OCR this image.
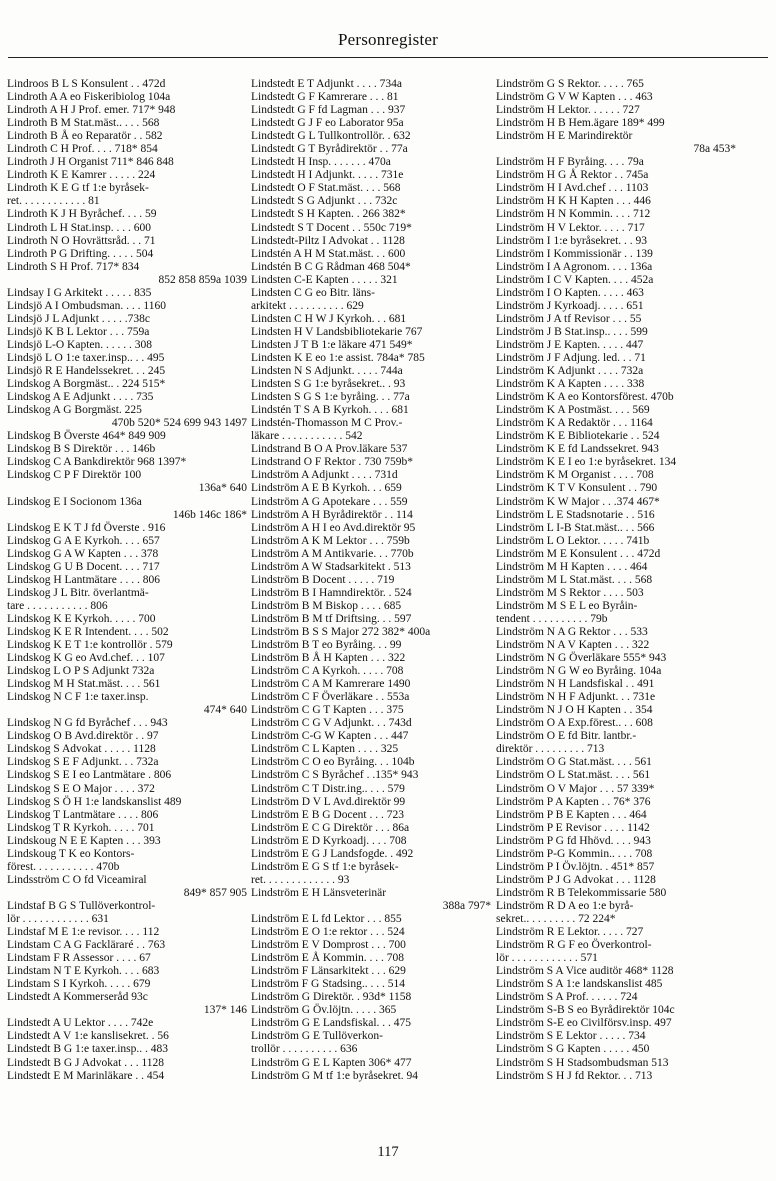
Personregister
Lindroos B L S Konsulent . . 472d
Lindroth A A eo Fiskeribiolog 104a
Lindroth A H J Prof. emer. 717* 948
Lindroth B M Stat.mäst.. . . . 568
Lindroth B Å eo Reparatör . . 582
Lindroth C H Prof. . . . 718* 854
Lindroth J H Organist 711* 846 848
Lindroth K E Kamrer . . . . . 224
Lindroth K E G tf 1:e byråsek-
ret. . . . . . . . . . . . 81
Lindroth K J H Byråchef. . . . 59
Lindroth L H Stat.insp. . . . 600
Lindroth N O Hovrättsråd. . . 71
Lindroth P G Drifting. . . . . 504
Lindroth S H Prof. 717* 834
852 858 859a 1039
Lindsay I G Arkitekt . . . . . 835
Lindsjö A I Ombudsman. . . . 1160
Lindsjö J L Adjunkt . . . . .738c
Lindsjö K B L Lektor . . . 759a
Lindsjö L-O Kapten. . . . . . 308
Lindsjö L O 1:e taxer.insp.. . . 495
Lindsjö R E Handelssekret. . . 245
Lindskog A Borgmäst.. . 224 515*
Lindskog A E Adjunkt . . . . 735
Lindskog A G Borgmäst. 225
470b 520* 524 699 943 1497
Lindskog B Överste 464* 849 909
Lindskog B S Direktör . . . 146b
Lindskog C A Bankdirektör 968 1397*
Lindskog C P F Direktör 100
136a* 640
Lindskog E I Socionom 136a
146b 146c 186*
Lindskog E K T J fd Överste . 916
Lindskog G A E Kyrkoh. . . . 657
Lindskog G A W Kapten . . . 378
Lindskog G U B Docent. . . . 717
Lindskog H Lantmätare . . . . 806
Lindskog J L Bitr. överlantmä-
tare . . . . . . . . . . . 806
Lindskog K E Kyrkoh. . . . . 700
Lindskog K E R Intendent. . . . 502
Lindskog K E T 1:e kontrollör . 579
Lindskog K G eo Avd.chef. . . 107
Lindskog L O P S Adjunkt 732a
Lindskog M H Stat.mäst. . . . 561
Lindskog N C F 1:e taxer.insp.
474* 640
Lindskog N G fd Byråchef . . . 943
Lindskog O B Avd.direktör . . 97
Lindskog S Advokat . . . . . 1128
Lindskog S E F Adjunkt. . . 732a
Lindskog S E I eo Lantmätare . 806
Lindskog S E O Major . . . . 372
Lindskog S Ö H 1:e landskanslist 489
Lindskog T Lantmätare . . . . 806
Lindskog T R Kyrkoh. . . . . 701
Lindskoug N E E Kapten . . . 393
Lindskoug T K eo Kontors-
förest. . . . . . . . . . . 470b
Lindsström C O fd Viceamiral
849* 857 905
Lindstaf B G S Tullöverkontrol-
lör . . . . . . . . . . . . 631
Lindstaf M E 1:e revisor. . . . 112
Lindstam C A G Fackläraré . . 763
Lindstam F R Assessor . . . . 67
Lindstam N T E Kyrkoh. . . . 683
Lindstam S I Kyrkoh. . . . . 679
Lindstedt A Kommerseråd 93c
137* 146
Lindstedt A U Lektor . . . . 742e
Lindstedt A V 1:e kanslisekret. . 56
Lindstedt B G 1:e taxer.insp.. . 483
Lindstedt B G J Advokat . . . 1128
Lindstedt E M Marinläkare . . 454
Lindstedt E T Adjunkt . . . . 734a
Lindstedt G F Kamrerare . . . 81
Lindstedt G F fd Lagman . . . 937
Lindstedt G J F eo Laborator 95a
Lindstedt G L Tullkontrollör. . 632
Lindstedt G T Byrådirektör . . 77a
Lindstedt H Insp. . . . . . . 470a
Lindstedt H I Adjunkt. . . . . 731e
Lindstedt O F Stat.mäst. . . . 568
Lindstedt S G Adjunkt . . . 732c
Lindstedt S H Kapten. . 266 382*
Lindstedt S T Docent . . 550c 719*
Lindstedt-Piltz I Advokat . . 1128
Lindstén A H M Stat.mäst. . . 600
Lindstén B C G Rådman 468 504*
Lindsten C-E Kapten . . . . . 321
Lindsten C G eo Bitr. läns-
arkitekt . . . . . . . . . . 629
Lindsten C H W J Kyrkoh. . . 681
Lindsten H V Landsbibliotekarie 767
Lindsten J T B 1:e läkare 471 549*
Lindsten K E eo 1:e assist. 784a* 785
Lindsten N S Adjunkt. . . . . 744a
Lindsten S G 1:e byråsekret.. . 93
Lindsten S G S 1:e byråing. . . 77a
Lindstén T S A B Kyrkoh. . . . 681
Lindstén-Thomasson M C Prov.-
läkare . . . . . . . . . . . 542
Lindstrand B O A Prov.läkare 537
Lindstrand O F Rektor . 730 759b*
Lindström A Adjunkt . . . . 731d
Lindström A E B Kyrkoh. . . 659
Lindström A G Apotekare . . . 559
Lindström A H Byrådirektör . . 114
Lindström A H I eo Avd.direktör 95
Lindström A K M Lektor . . . 759b
Lindström A M Antikvarie. . . 770b
Lindström A W Stadsarkitekt . 513
Lindström B Docent . . . . . 719
Lindström B I Hamndirektör. . 524
Lindström B M Biskop . . . . 685
Lindström B M tf Driftsing. . . 597
Lindström B S S Major 272 382* 400a
Lindström B T eo Byråing. . . 99
Lindström B Å H Kapten . . . 322
Lindström C A Kyrkoh. . . . . 708
Lindström C A M Kamrerare 1490
Lindström C F Överläkare . . 553a
Lindström C G T Kapten . . . 375
Lindström C G V Adjunkt. . . 743d
Lindström C-G W Kapten . . . 447
Lindström C L Kapten . . . . 325
Lindström C O eo Byråing. . . 104b
Lindström C S Byråchef . .135* 943
Lindström C T Distr.ing.. . . . 579
Lindström D V L Avd.direktör 99
Lindström E B G Docent . . . 723
Lindström E C G Direktör . . . 86a
Lindström E D Kyrkoadj. . . . 708
Lindström E G J Landsfogde. . 492
Lindström E G S tf 1:e byråsek-
ret. . . . . . . . . . . . . 93
Lindström E H Länsveterinär
388a 797*
Lindström E L fd Lektor . . . 855
Lindström E O 1:e rektor . . . 524
Lindström E V Domprost . . . 700
Lindström E Å Kommin. . . . 708
Lindström F Länsarkitekt . . . 629
Lindström F G Stadsing.. . . . 514
Lindström G Direktör. . 93d* 1158
Lindström G Öv.löjtn. . . . . 365
Lindström G E Landsfiskal. . . 475
Lindström G E Tullöverkon-
trollör . . . . . . . . . . 636
Lindström G E L Kapten 306* 477
Lindström G M tf 1:e byråsekret. 94
Lindström G S Rektor. . . . . 765
Lindström G V W Kapten . . . 463
Lindström H Lektor. . . . . . 727
Lindström H B Hem.ägare 189* 499
Lindström H E Marindirektör
78a 453*
Lindström H F Byråing. . . . 79a
Lindström H G Å Rektor . . 745a
Lindström H I Avd.chef . . . 1103
Lindström H K H Kapten . . . 446
Lindström H N Kommin. . . . 712
Lindström H V Lektor. . . . . 717
Lindström I 1:e byråsekret. . . 93
Lindström I Kommissionär . . 139
Lindström I A Agronom. . . . 136a
Lindström I C V Kapten. . . . 452a
Lindström I O Kapten. . . . . 463
Lindström J Kyrkoadj. . . . . 651
Lindström J A tf Revisor . . . 55
Lindström J B Stat.insp.. . . . 599
Lindström J E Kapten. . . . . 447
Lindström J F Adjung. led. . . 71
Lindström K Adjunkt . . . . 732a
Lindström K A Kapten . . . . 338
Lindström K A eo Kontorsförest. 470b
Lindström K A Postmäst. . . . 569
Lindström K A Redaktör . . . 1164
Lindström K E Bibliotekarie . . 524
Lindström K E fd Landssekret. 943
Lindström K E I eo 1:e byråsekret. 134
Lindström K M Organist . . . . 708
Lindström K T V Konsulent . . 790
Lindström K W Major . . .374 467*
Lindström L E Stadsnotarie . . 516
Lindström L I-B Stat.mäst.. . . 566
Lindström L O Lektor. . . . . 741b
Lindström M E Konsulent . . . 472d
Lindström M H Kapten . . . . 464
Lindström M L Stat.mäst. . . . 568
Lindström M S Rektor . . . . 503
Lindström M S E L eo Byråin-
tendent . . . . . . . . . . 79b
Lindström N A G Rektor . . . 533
Lindström N A V Kapten . . . 322
Lindström N G Överläkare 555* 943
Lindström N G W eo Byråing. 104a
Lindström N H Landsfiskal . . 491
Lindström N H F Adjunkt. . . 731e
Lindström N J O H Kapten . . 354
Lindström O A Exp.förest.. . . 608
Lindström O E fd Bitr. lantbr.-
direktör . . . . . . . . . 713
Lindström O G Stat.mäst. . . . 561
Lindström O L Stat.mäst. . . . 561
Lindström O V Major . . . 57 339*
Lindström P A Kapten . . 76* 376
Lindström P B E Kapten . . . 464
Lindström P E Revisor . . . . 1142
Lindström P G fd Hhövd. . . . 943
Lindström P-G Kommin.. . . . 708
Lindström P I Öv.löjtn. . 451* 857
Lindström P J G Advokat . . . 1128
Lindström R B Telekommissarie 580
Lindström R D A eo 1:e byrå-
sekret.. . . . . . . . . 72 224*
Lindström R E Lektor. . . . . 727
Lindström R G F eo Överkontrol-
lör . . . . . . . . . . . . 571
Lindström S A Vice auditör 468* 1128
Lindström S A 1:e landskanslist 485
Lindström S A Prof. . . . . . 724
Lindström S-B S eo Byrådirektör 104c
Lindström S-E eo Civilförsv.insp. 497
Lindström S E Lektor . . . . . 734
Lindström S G Kapten . . . . . 450
Lindström S H Stadsombudsman 513
Lindström S H J fd Rektor. . . 713
117
